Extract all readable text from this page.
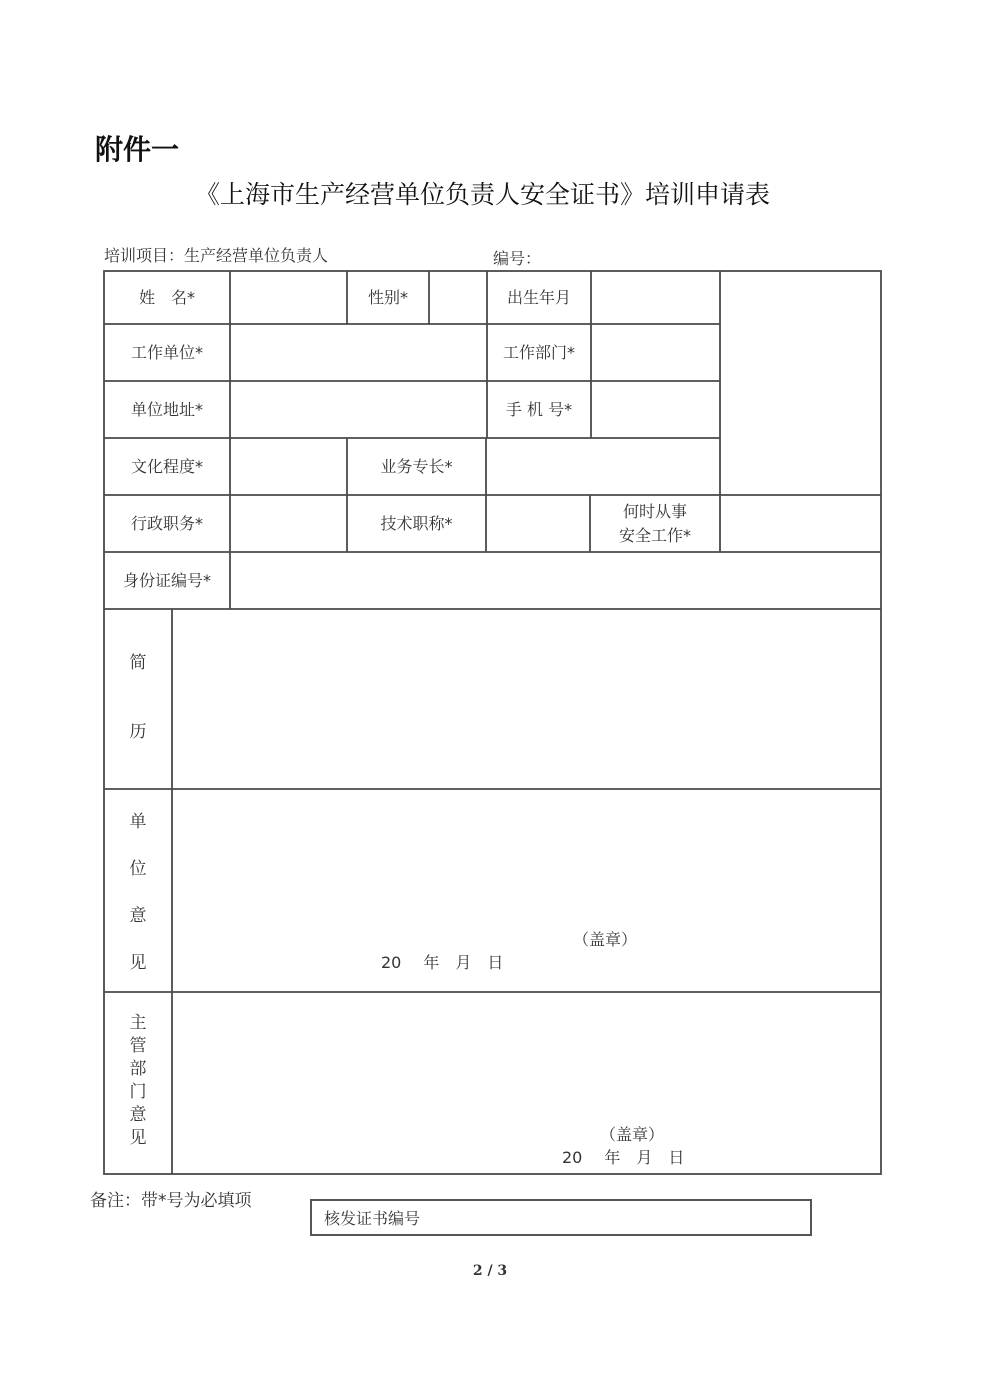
附件一
《上海市生产经营单位负责人安全证书》培训申请表
培训项目：生产经营单位负责人	编号：
姓　名*	性别*	出生年月
工作单位*	工作部门*
单位地址*	手 机 号*
文化程度*	业务专长*
行政职务*	技术职称*
何时从事
安全工作*
身份证编号*
简
历
单
位
意
见
（盖章）
20 年 月 日
主
管
部
门
意
见	（盖章）
20 年 月 日
备注：带*号为必填项
核发证书编号
2 / 3
